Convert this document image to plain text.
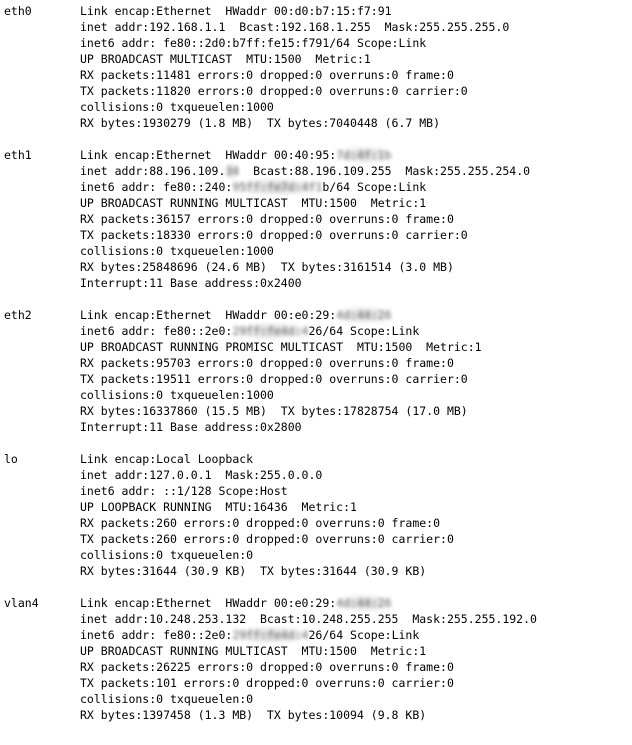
eth0	Link encap:Ethernet  HWaddr 00:d0:b7:15:f7:91
inet addr:192.168.1.1  Bcast:192.168.1.255  Mask:255.255.255.0
inet6 addr: fe80::2d0:b7ff:fe15:f791/64 Scope:Link
UP BROADCAST MULTICAST  MTU:1500  Metric:1
RX packets:11481 errors:0 dropped:0 overruns:0 frame:0
TX packets:11820 errors:0 dropped:0 overruns:0 carrier:0
collisions:0 txqueuelen:1000
RX bytes:1930279 (1.8 MB)  TX bytes:7040448 (6.7 MB)
eth1	Link encap:Ethernet  HWaddr 00:40:95:7d:4f:1b
inet addr:88.196.109.34  Bcast:88.196.109.255  Mask:255.255.254.0
inet6 addr: fe80::240:95ff:fe7d:4f1b/64 Scope:Link
UP BROADCAST RUNNING MULTICAST  MTU:1500  Metric:1
RX packets:36157 errors:0 dropped:0 overruns:0 frame:0
TX packets:18330 errors:0 dropped:0 overruns:0 carrier:0
collisions:0 txqueuelen:1000
RX bytes:25848696 (24.6 MB)  TX bytes:3161514 (3.0 MB)
Interrupt:11 Base address:0x2400
eth2	Link encap:Ethernet  HWaddr 00:e0:29:4d:44:26
inet6 addr: fe80::2e0:29ff:fe4d:426/64 Scope:Link
UP BROADCAST RUNNING PROMISC MULTICAST  MTU:1500  Metric:1
RX packets:95703 errors:0 dropped:0 overruns:0 frame:0
TX packets:19511 errors:0 dropped:0 overruns:0 carrier:0
collisions:0 txqueuelen:1000
RX bytes:16337860 (15.5 MB)  TX bytes:17828754 (17.0 MB)
Interrupt:11 Base address:0x2800
lo	Link encap:Local Loopback
inet addr:127.0.0.1  Mask:255.0.0.0
inet6 addr: ::1/128 Scope:Host
UP LOOPBACK RUNNING  MTU:16436  Metric:1
RX packets:260 errors:0 dropped:0 overruns:0 frame:0
TX packets:260 errors:0 dropped:0 overruns:0 carrier:0
collisions:0 txqueuelen:0
RX bytes:31644 (30.9 KB)  TX bytes:31644 (30.9 KB)
vlan4	Link encap:Ethernet  HWaddr 00:e0:29:4d:44:26
inet addr:10.248.253.132  Bcast:10.248.255.255  Mask:255.255.192.0
inet6 addr: fe80::2e0:29ff:fe4d:426/64 Scope:Link
UP BROADCAST RUNNING MULTICAST  MTU:1500  Metric:1
RX packets:26225 errors:0 dropped:0 overruns:0 frame:0
TX packets:101 errors:0 dropped:0 overruns:0 carrier:0
collisions:0 txqueuelen:0
RX bytes:1397458 (1.3 MB)  TX bytes:10094 (9.8 KB)
